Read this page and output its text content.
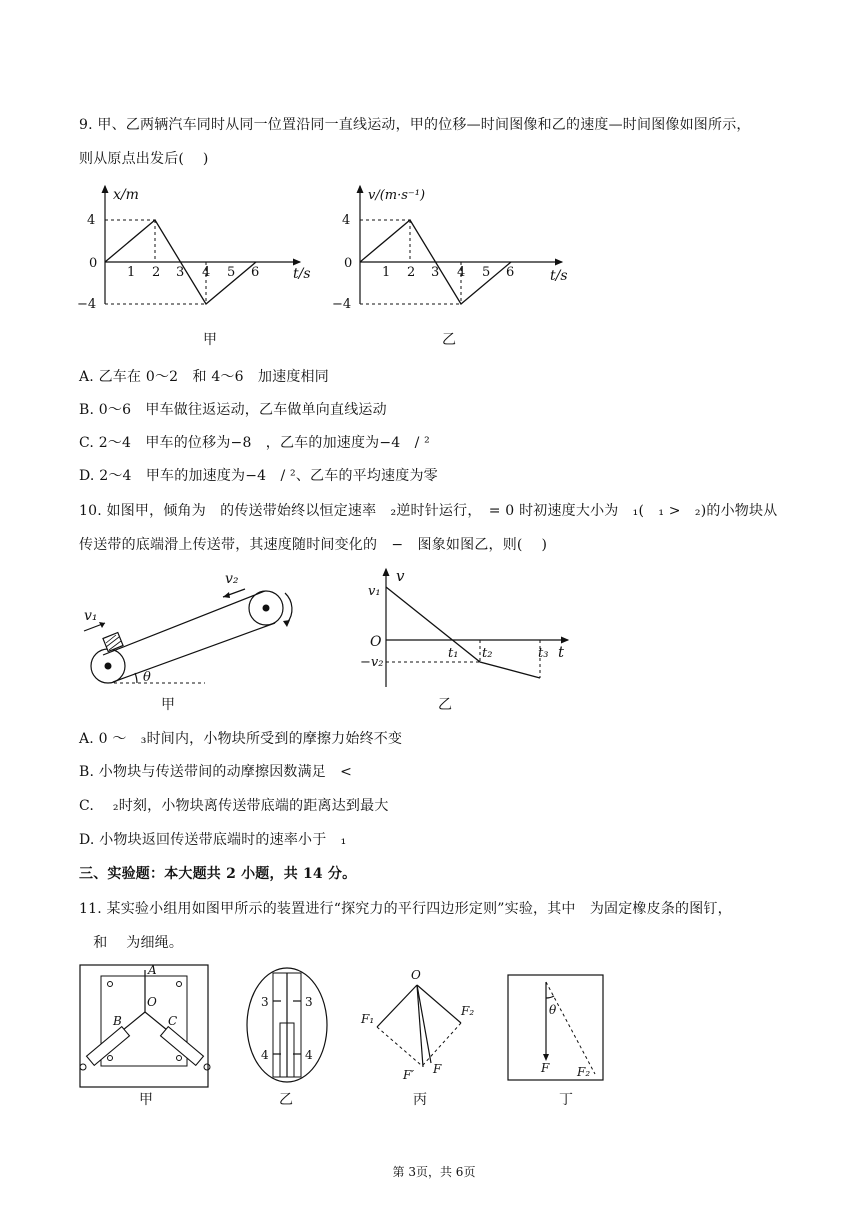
9. 甲、乙两辆汽车同时从同一位置沿同一直线运动，甲的位移—时间图像和乙的速度—时间图像如图所示，
则从原点出发后(　 )
x/m
4
0
−4
1 2 3 4 5 6 t/s
甲
v/(m·s⁻¹)
4
0
−4
1 2 3 4 5 6	t/s
乙
A. 乙车在 0～2　和 4～6　加速度相同
B. 0～6　甲车做往返运动，乙车做单向直线运动
C. 2～4　甲车的位移为−8　，乙车的加速度为−4　/ ²
D. 2～4　甲车的加速度为−4　/ ²、乙车的平均速度为零
10. 如图甲，倾角为　的传送带始终以恒定速率　₂逆时针运行，　= 0 时初速度大小为　₁(　₁ >　₂)的小物块从
传送带的底端滑上传送带，其速度随时间变化的　−　图象如图乙，则(　 )
v₁
v₂
θ
甲
v
v₁
O
−v₂
t
t₁ t₂	t₃
乙
A. 0 ～　₃时间内，小物块所受到的摩擦力始终不变
B. 小物块与传送带间的动摩擦因数满足　<
C. 　₂时刻，小物块离传送带底端的距离达到最大
D. 小物块返回传送带底端时的速率小于　₁
三、实验题：本大题共 2 小题，共 14 分。
11. 某实验小组用如图甲所示的装置进行“探究力的平行四边形定则”实验，其中　为固定橡皮条的图钉，
　和　 为细绳。
A
O
B	C
甲
3	3
4	4
乙
O
F₁
F₂
F′ F
丙
θ
F F₂
丁
第 3页，共 6页
